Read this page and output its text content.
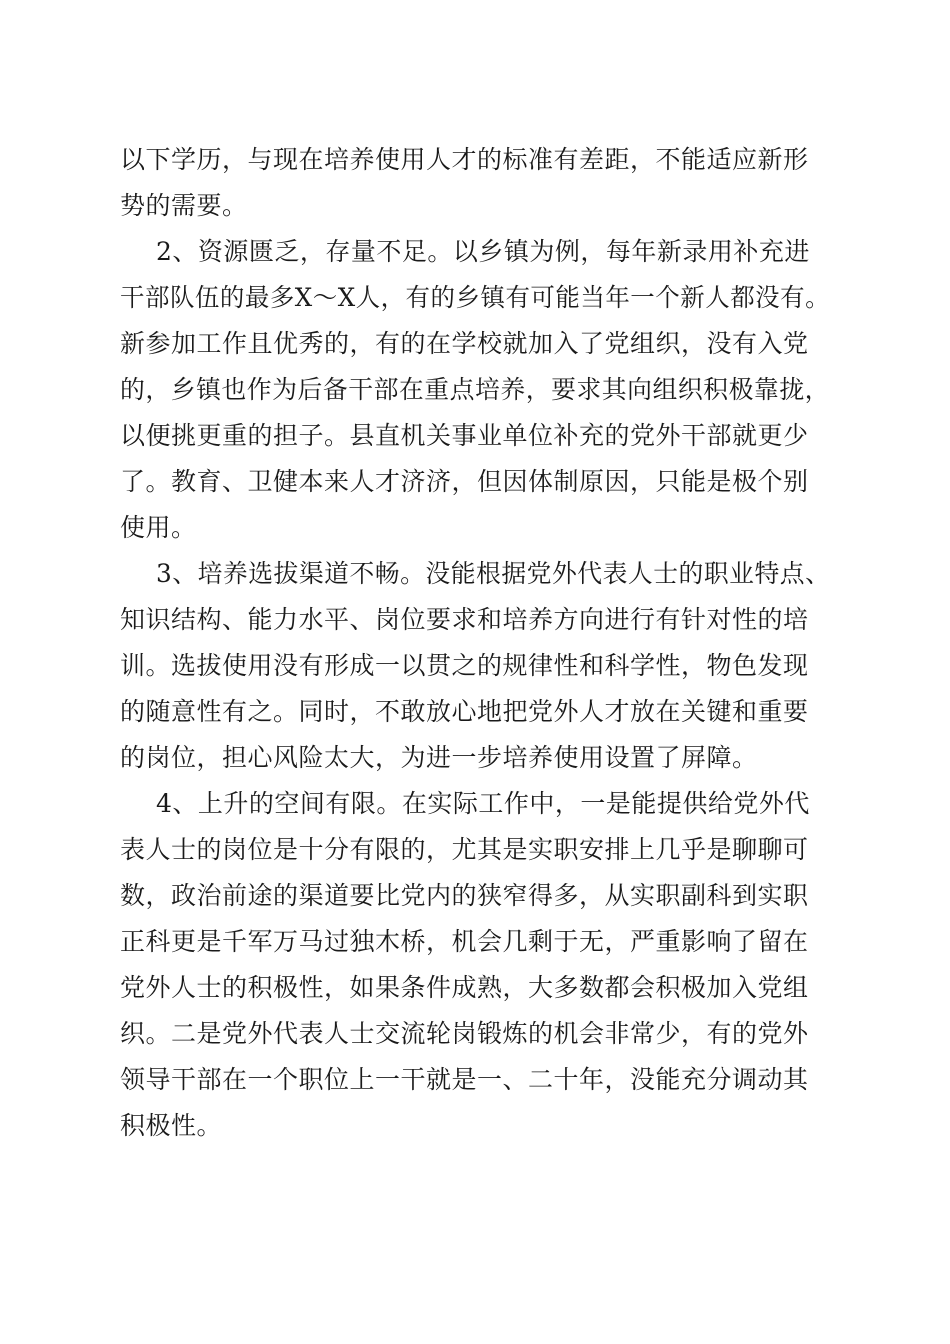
以下学历，与现在培养使用人才的标准有差距，不能适应新形
势的需要。
2、资源匮乏，存量不足。以乡镇为例，每年新录用补充进
干部队伍的最多X～X人，有的乡镇有可能当年一个新人都没有。
新参加工作且优秀的，有的在学校就加入了党组织，没有入党
的，乡镇也作为后备干部在重点培养，要求其向组织积极靠拢，
以便挑更重的担子。县直机关事业单位补充的党外干部就更少
了。教育、卫健本来人才济济，但因体制原因，只能是极个别
使用。
3、培养选拔渠道不畅。没能根据党外代表人士的职业特点、
知识结构、能力水平、岗位要求和培养方向进行有针对性的培
训。选拔使用没有形成一以贯之的规律性和科学性，物色发现
的随意性有之。同时，不敢放心地把党外人才放在关键和重要
的岗位，担心风险太大，为进一步培养使用设置了屏障。
4、上升的空间有限。在实际工作中，一是能提供给党外代
表人士的岗位是十分有限的，尤其是实职安排上几乎是聊聊可
数，政治前途的渠道要比党内的狭窄得多，从实职副科到实职
正科更是千军万马过独木桥，机会几剩于无，严重影响了留在
党外人士的积极性，如果条件成熟，大多数都会积极加入党组
织。二是党外代表人士交流轮岗锻炼的机会非常少，有的党外
领导干部在一个职位上一干就是一、二十年，没能充分调动其
积极性。
